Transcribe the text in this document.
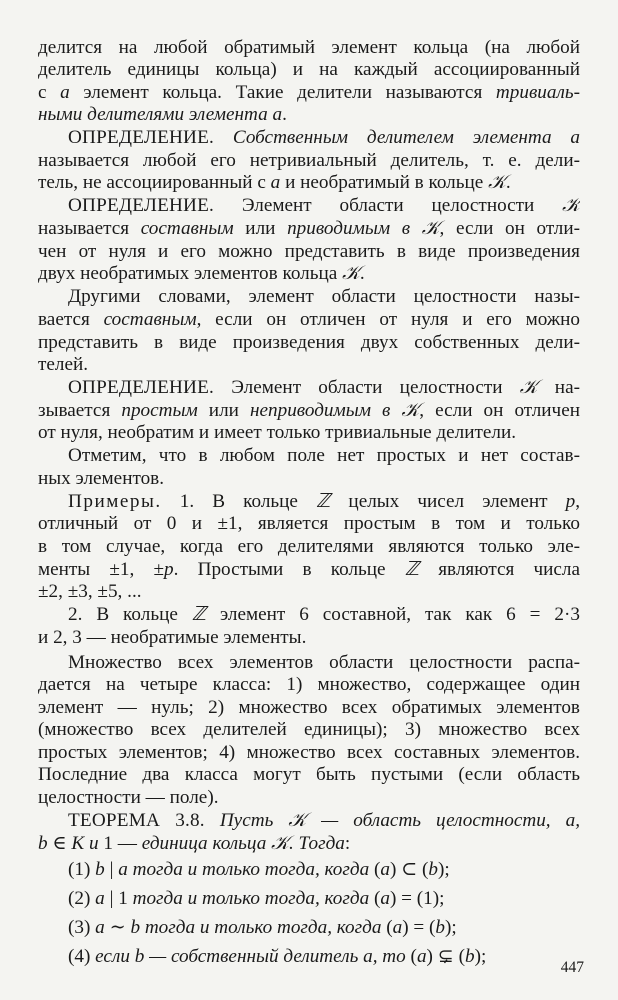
делится на любой обратимый элемент кольца (на любой
делитель единицы кольца) и на каждый ассоциированный
с a элемент кольца. Такие делители называются тривиаль-
ными делителями элемента a.
ОПРЕДЕЛЕНИЕ. Собственным делителем элемента a
называется любой его нетривиальный делитель, т. е. дели-
тель, не ассоциированный с a и необратимый в кольце 𝒦.
ОПРЕДЕЛЕНИЕ. Элемент области целостности 𝒦
называется составным или приводимым в 𝒦, если он отли-
чен от нуля и его можно представить в виде произведения
двух необратимых элементов кольца 𝒦.
Другими словами, элемент области целостности назы-
вается составным, если он отличен от нуля и его можно
представить в виде произведения двух собственных дели-
телей.
ОПРЕДЕЛЕНИЕ. Элемент области целостности 𝒦 на-
зывается простым или неприводимым в 𝒦, если он отличен
от нуля, необратим и имеет только тривиальные делители.
Отметим, что в любом поле нет простых и нет состав-
ных элементов.
Примеры. 1. В кольце ℤ целых чисел элемент p,
отличный от 0 и ±1, является простым в том и только
в том случае, когда его делителями являются только эле-
менты ±1, ±p. Простыми в кольце ℤ являются числа
±2, ±3, ±5, ...
2. В кольце ℤ элемент 6 составной, так как 6 = 2·3
и 2, 3 — необратимые элементы.
Множество всех элементов области целостности распа-
дается на четыре класса: 1) множество, содержащее один
элемент — нуль; 2) множество всех обратимых элементов
(множество всех делителей единицы); 3) множество всех
простых элементов; 4) множество всех составных элементов.
Последние два класса могут быть пустыми (если область
целостности — поле).
ТЕОРЕМА 3.8. Пусть 𝒦 — область целостности, a,
b ∈ K и 1 — единица кольца 𝒦. Тогда:
(1) b | a тогда и только тогда, когда (a) ⊂ (b);
(2) a | 1 тогда и только тогда, когда (a) = (1);
(3) a ∼ b тогда и только тогда, когда (a) = (b);
(4) если b — собственный делитель a, то (a) ⊊ (b);
447
